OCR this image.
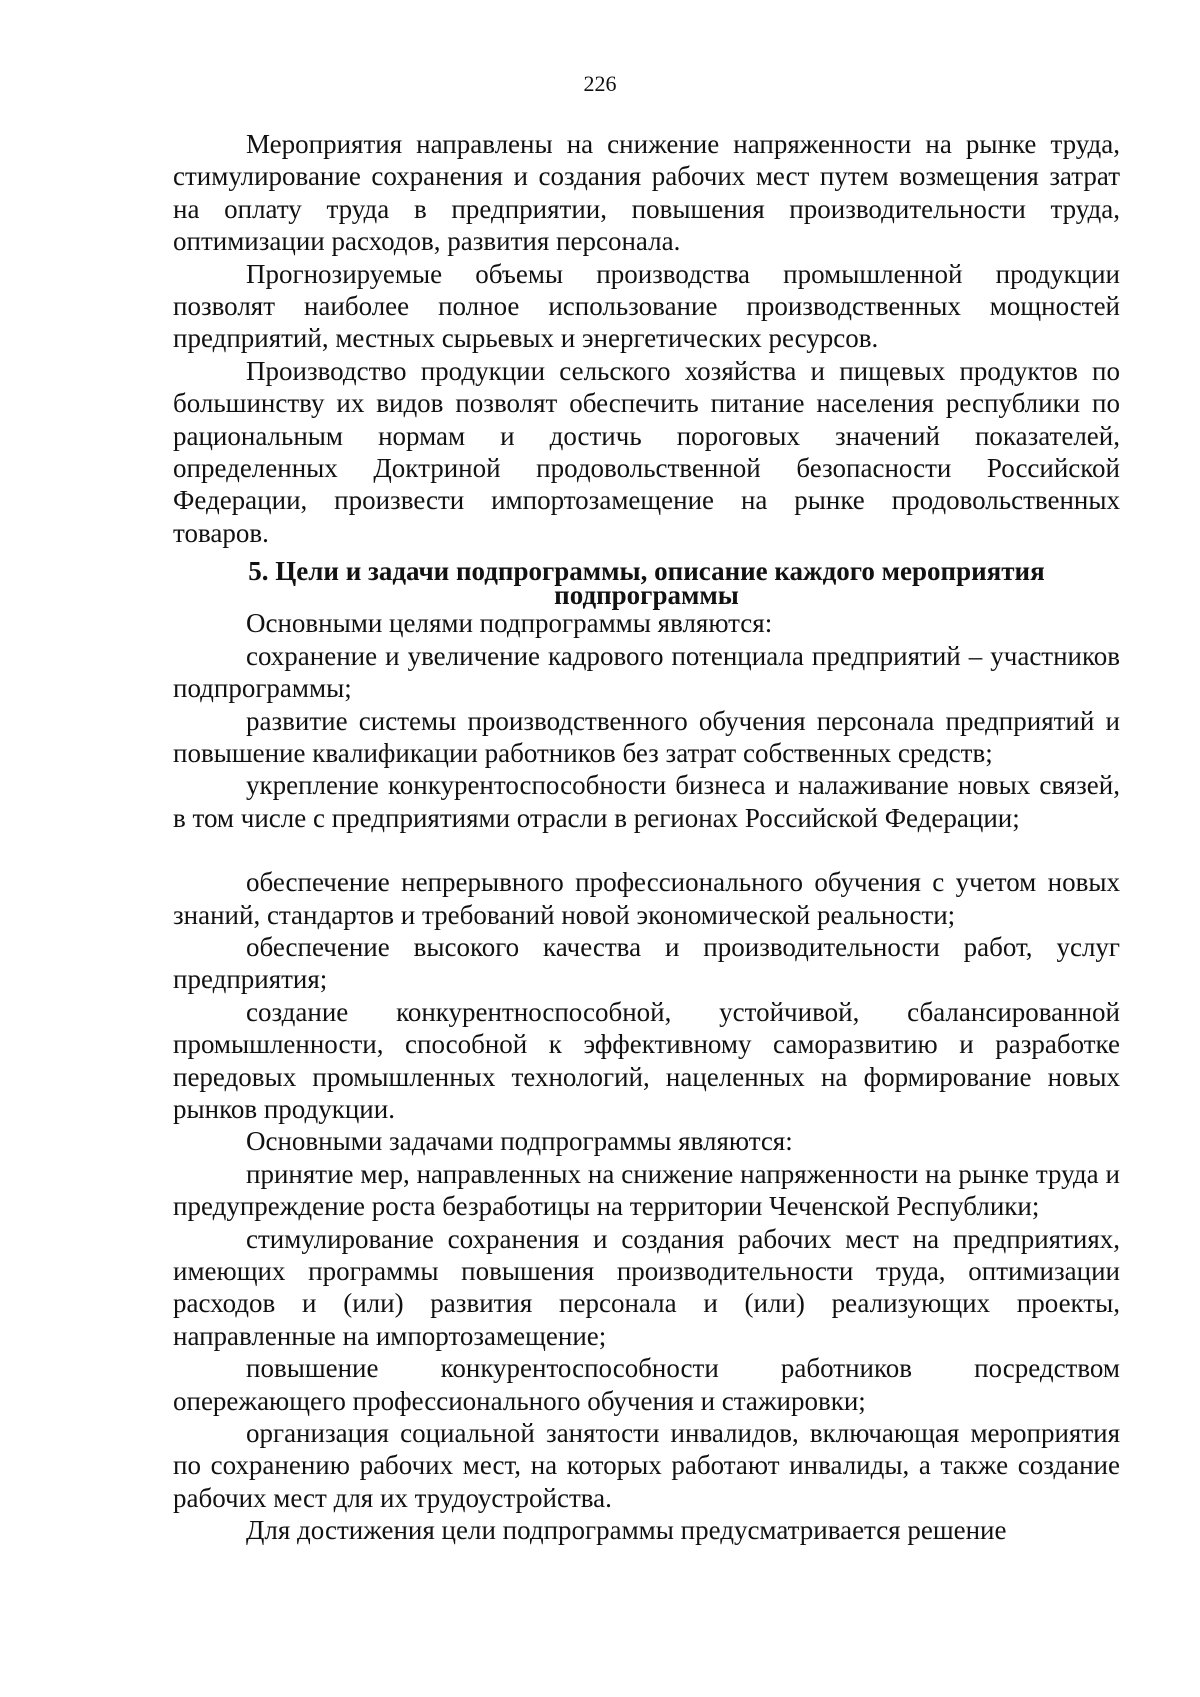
226

Мероприятия направлены на снижение напряженности на рынке труда, стимулирование сохранения и создания рабочих мест путем возмещения затрат на оплату труда в предприятии, повышения производительности труда, оптимизации расходов, развития персонала.

Прогнозируемые объемы производства промышленной продукции позволят наиболее полное использование производственных мощностей предприятий, местных сырьевых и энергетических ресурсов.

Производство продукции сельского хозяйства и пищевых продуктов по большинству их видов позволят обеспечить питание населения республики по рациональным нормам и достичь пороговых значений показателей, определенных Доктриной продовольственной безопасности Российской Федерации, произвести импортозамещение на рынке продовольственных товаров.

5. Цели и задачи подпрограммы, описание каждого мероприятия
подпрограммы

Основными целями подпрограммы являются:

сохранение и увеличение кадрового потенциала предприятий – участников подпрограммы;

развитие системы производственного обучения персонала предприятий и повышение квалификации работников без затрат собственных средств;

укрепление конкурентоспособности бизнеса и налаживание новых связей, в том числе с предприятиями отрасли в регионах Российской Федерации;

обеспечение непрерывного профессионального обучения с учетом новых знаний, стандартов и требований новой экономической реальности;

обеспечение высокого качества и производительности работ, услуг предприятия;

создание конкурентноспособной, устойчивой, сбалансированной промышленности, способной к эффективному саморазвитию и разработке передовых промышленных технологий, нацеленных на формирование новых рынков продукции.

Основными задачами подпрограммы являются:

принятие мер, направленных на снижение напряженности на рынке труда и предупреждение роста безработицы на территории Чеченской Республики;

стимулирование сохранения и создания рабочих мест на предприятиях, имеющих программы повышения производительности труда, оптимизации расходов и (или) развития персонала и (или) реализующих проекты, направленные на импортозамещение;

повышение конкурентоспособности работников посредством опережающего профессионального обучения и стажировки;

организация социальной занятости инвалидов, включающая мероприятия по сохранению рабочих мест, на которых работают инвалиды, а также создание рабочих мест для их трудоустройства.

Для достижения цели подпрограммы предусматривается решение
